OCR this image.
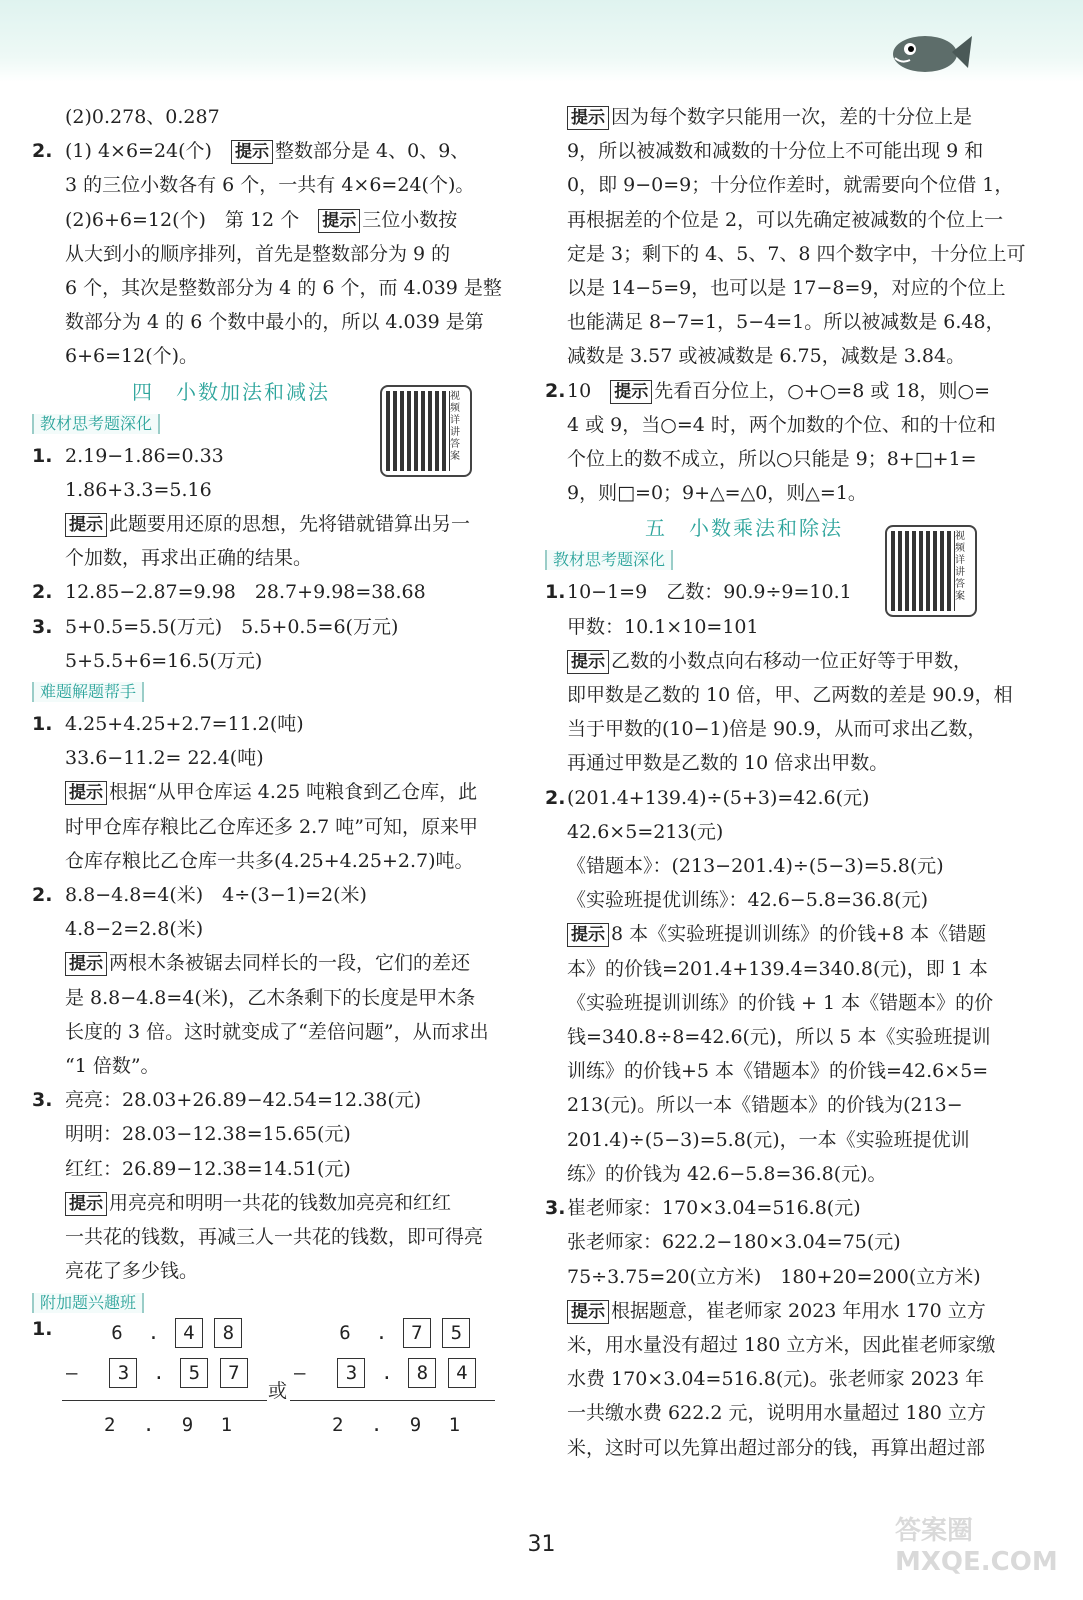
(2)0.278、0.287
2. (1) 4×6=24(个)　 提示 整数部分是 4、0、9、
3 的三位小数各有 6 个，一共有 4×6=24(个)。
(2)6+6=12(个)　第 12 个　 提示 三位小数按
从大到小的顺序排列，首先是整数部分为 9 的
6 个，其次是整数部分为 4 的 6 个，而 4.039 是整
数部分为 4 的 6 个数中最小的，所以 4.039 是第
6+6=12(个)。
四 小数加法和减法	视频详讲答案
教材思考题深化
1. 2.19−1.86=0.33
1.86+3.3=5.16
提示 此题要用还原的思想，先将错就错算出另一
个加数，再求出正确的结果。
2. 12.85−2.87=9.98　28.7+9.98=38.68
3. 5+0.5=5.5(万元)　5.5+0.5=6(万元)
5+5.5+6=16.5(万元)
难题解题帮手
1. 4.25+4.25+2.7=11.2(吨)
33.6−11.2= 22.4(吨)
提示 根据“从甲仓库运 4.25 吨粮食到乙仓库，此
时甲仓库存粮比乙仓库还多 2.7 吨”可知，原来甲
仓库存粮比乙仓库一共多(4.25+4.25+2.7)吨。
2. 8.8−4.8=4(米)　4÷(3−1)=2(米)
4.8−2=2.8(米)
提示 两根木条被锯去同样长的一段，它们的差还
是 8.8−4.8=4(米)，乙木条剩下的长度是甲木条
长度的 3 倍。这时就变成了“差倍问题”，从而求出
“1 倍数”。
3. 亮亮：28.03+26.89−42.54=12.38(元)
明明：28.03−12.38=15.65(元)
红红：26.89−12.38=14.51(元)
提示 用亮亮和明明一共花的钱数加亮亮和红红
一共花的钱数，再减三人一共花的钱数，即可得亮
亮花了多少钱。
附加题兴趣班
1.	6 . 4 8
— 3 . 5 7
2 . 9 1
或
6 . 7 5
— 3 . 8 4
2 . 9 1
提示 因为每个数字只能用一次，差的十分位上是
9，所以被减数和减数的十分位上不可能出现 9 和
0，即 9−0=9；十分位作差时，就需要向个位借 1，
再根据差的个位是 2，可以先确定被减数的个位上一
定是 3；剩下的 4、5、7、8 四个数字中，十分位上可
以是 14−5=9，也可以是 17−8=9，对应的个位上
也能满足 8−7=1，5−4=1。所以被减数是 6.48，
减数是 3.57 或被减数是 6.75，减数是 3.84。
2. 10　 提示 先看百分位上，○+○=8 或 18，则○=
4 或 9，当○=4 时，两个加数的个位、和的十位和
个位上的数不成立，所以○只能是 9；8+□+1=
9，则□=0；9+△=△0，则△=1。
五 小数乘法和除法	视频详讲答案
教材思考题深化
1. 10−1=9　乙数：90.9÷9=10.1
甲数：10.1×10=101
提示 乙数的小数点向右移动一位正好等于甲数，
即甲数是乙数的 10 倍，甲、乙两数的差是 90.9，相
当于甲数的(10−1)倍是 90.9，从而可求出乙数，
再通过甲数是乙数的 10 倍求出甲数。
2. (201.4+139.4)÷(5+3)=42.6(元)
42.6×5=213(元)
《错题本》：(213−201.4)÷(5−3)=5.8(元)
《实验班提优训练》：42.6−5.8=36.8(元)
提示 8 本《实验班提训训练》的价钱+8 本《错题
本》的价钱=201.4+139.4=340.8(元)，即 1 本
《实验班提训训练》的价钱 + 1 本《错题本》的价
钱=340.8÷8=42.6(元)，所以 5 本《实验班提训
训练》的价钱+5 本《错题本》的价钱=42.6×5=
213(元)。所以一本《错题本》的价钱为(213−
201.4)÷(5−3)=5.8(元)，一本《实验班提优训
练》的价钱为 42.6−5.8=36.8(元)。
3. 崔老师家：170×3.04=516.8(元)
张老师家：622.2−180×3.04=75(元)
75÷3.75=20(立方米)　180+20=200(立方米)
提示 根据题意，崔老师家 2023 年用水 170 立方
米，用水量没有超过 180 立方米，因此崔老师家缴
水费 170×3.04=516.8(元)。张老师家 2023 年
一共缴水费 622.2 元，说明用水量超过 180 立方
米，这时可以先算出超过部分的钱，再算出超过部
31	答案圈 MXQE.COM
